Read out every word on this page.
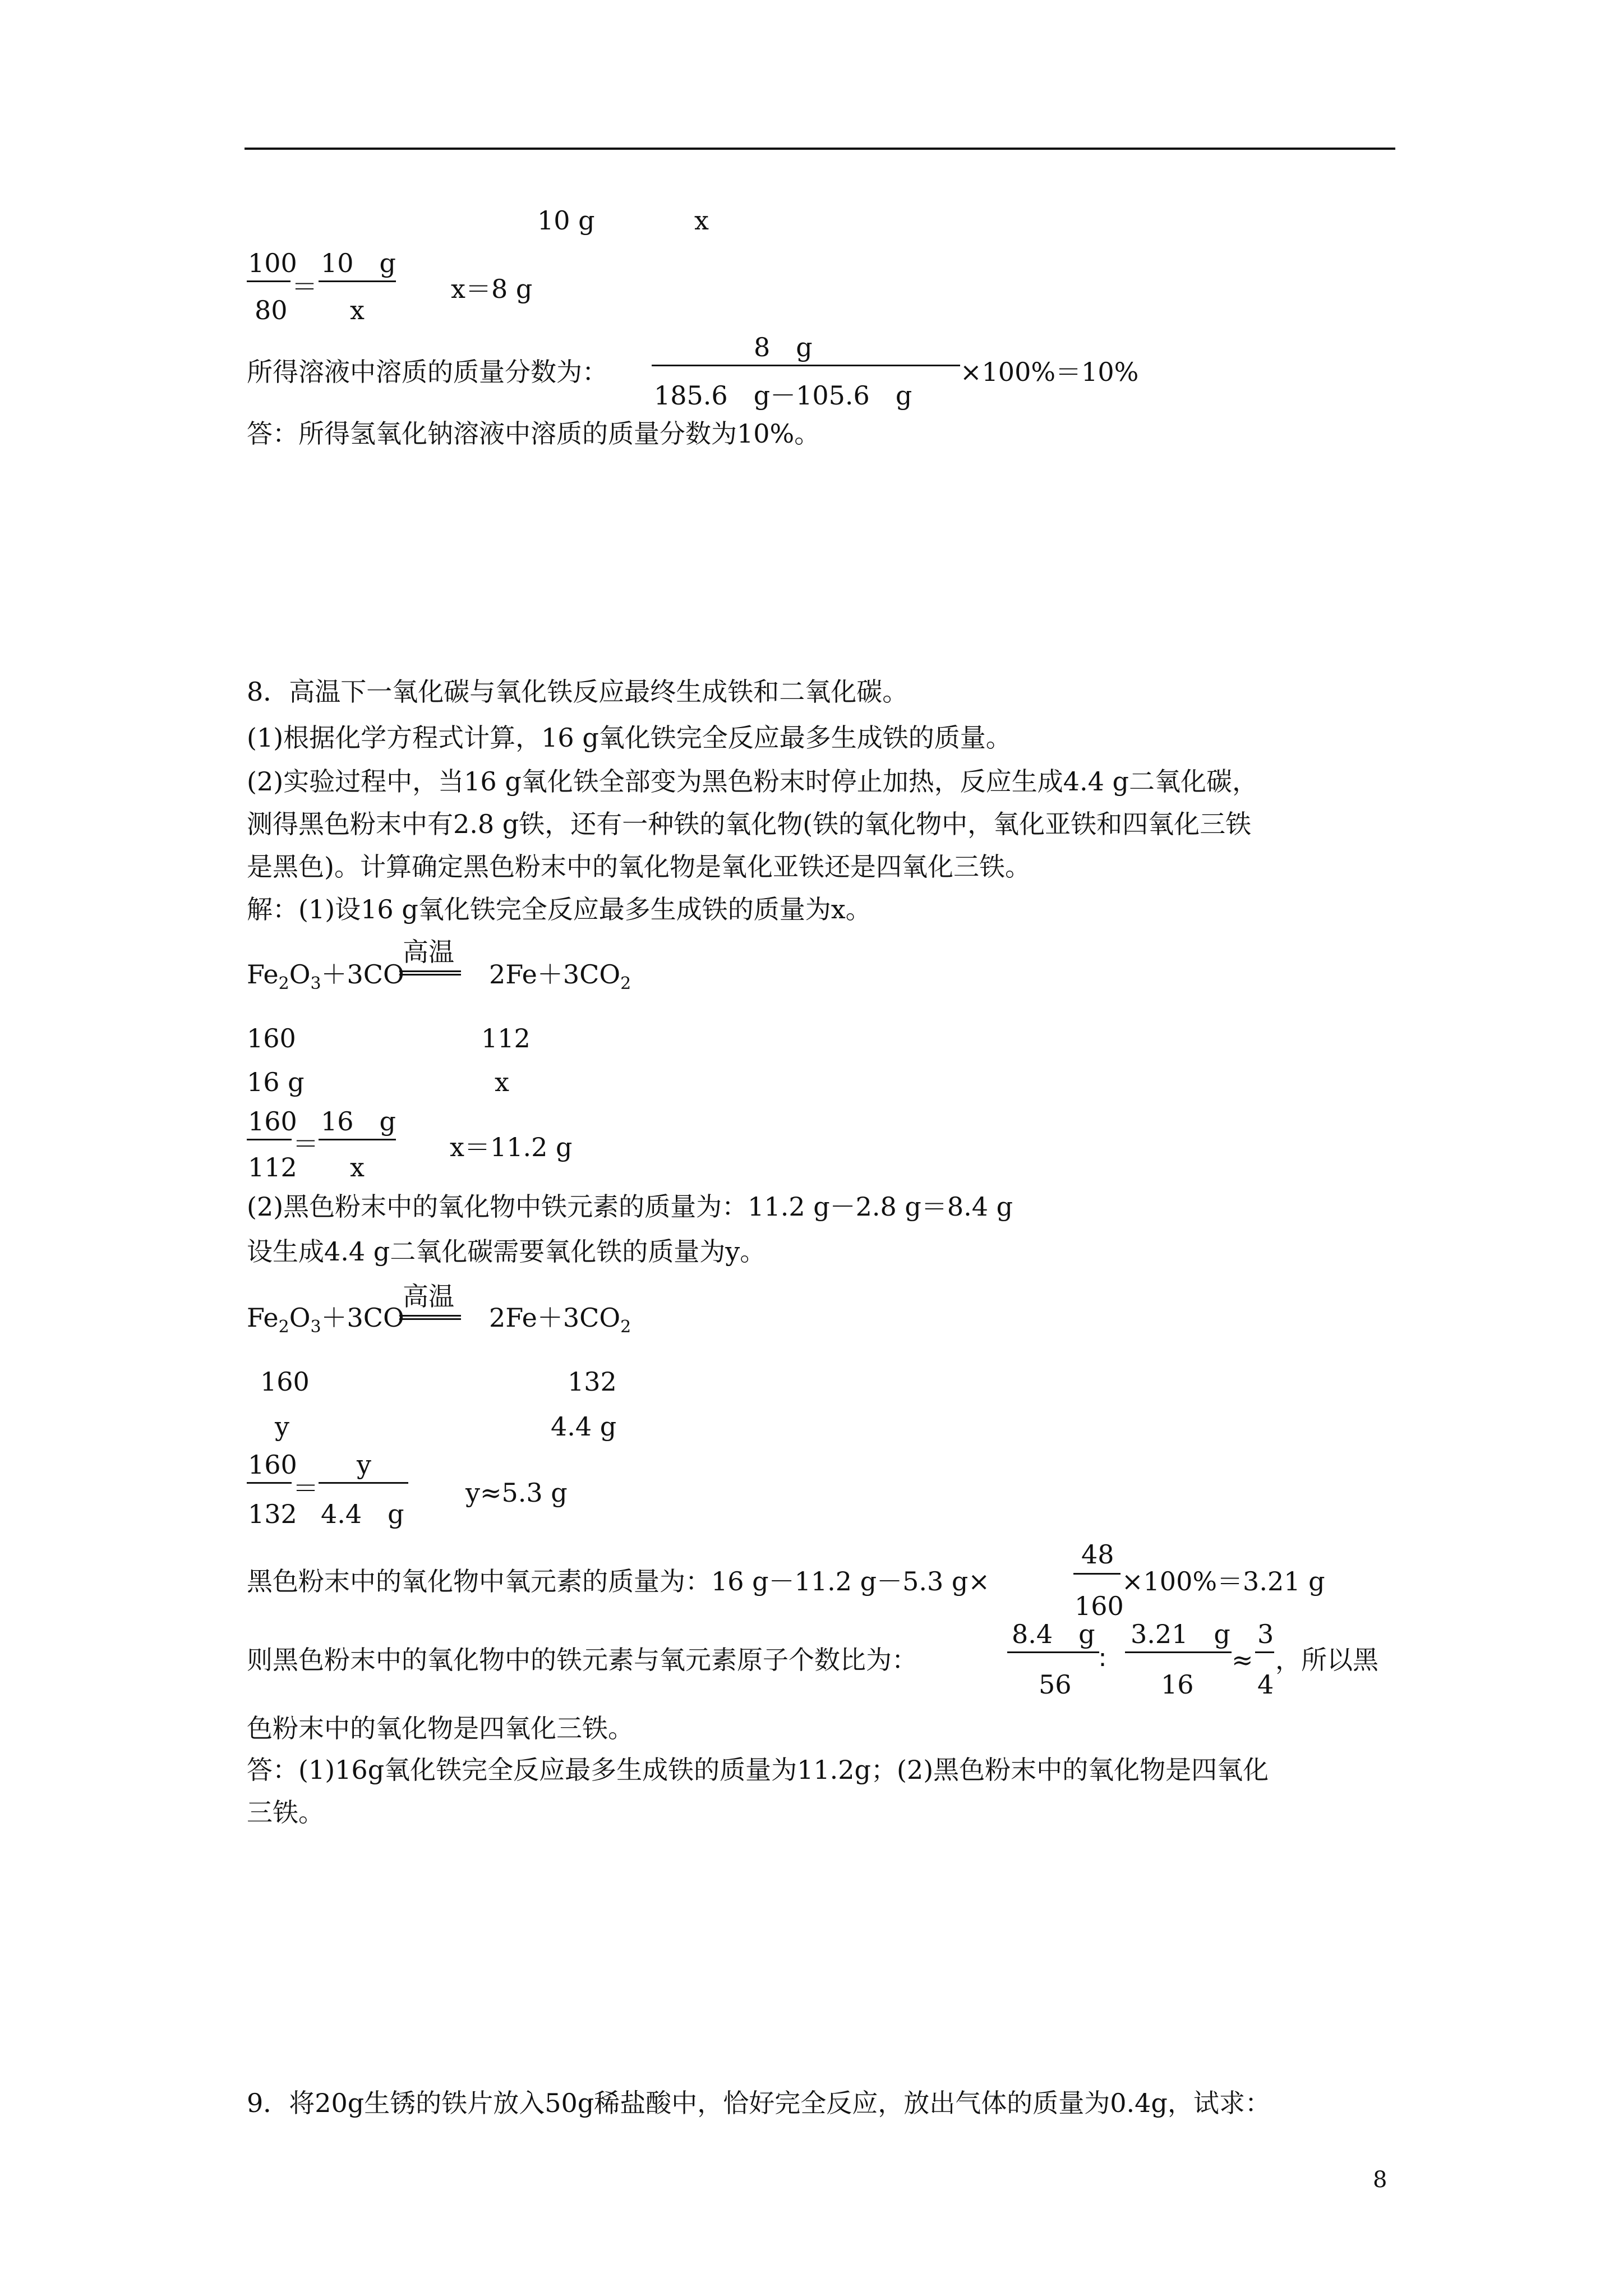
10 g	x
100
80
＝
10　g
x
x＝8 g
所得溶液中溶质的质量分数为：
8　g
185.6　g－105.6　g
×100%＝10%
答：所得氢氧化钠溶液中溶质的质量分数为10%。
8．高温下一氧化碳与氧化铁反应最终生成铁和二氧化碳。
(1)根据化学方程式计算，16 g氧化铁完全反应最多生成铁的质量。
(2)实验过程中，当16 g氧化铁全部变为黑色粉末时停止加热，反应生成4.4 g二氧化碳，
测得黑色粉末中有2.8 g铁，还有一种铁的氧化物(铁的氧化物中，氧化亚铁和四氧化三铁
是黑色)。计算确定黑色粉末中的氧化物是氧化亚铁还是四氧化三铁。
解：(1)设16 g氧化铁完全反应最多生成铁的质量为x。
$Fe_2O_3+3CO$
高温
$2Fe+3CO_2$
160	112
16 g	x
160
112
＝
16　g
x
x＝11.2 g
(2)黑色粉末中的氧化物中铁元素的质量为：11.2 g－2.8 g＝8.4 g
设生成4.4 g二氧化碳需要氧化铁的质量为y。
$Fe_2O_3+3CO$
高温
$2Fe+3CO_2$
160	132
y	4.4 g
160
132
＝
y
4.4　g
y≈5.3 g
黑色粉末中的氧化物中氧元素的质量为：16 g－11.2 g－5.3 g×
48
160
×100%＝3.21 g
则黑色粉末中的氧化物中的铁元素与氧元素原子个数比为：
8.4　g
56
∶
3.21　g
16
≈
3
4
，所以黑
色粉末中的氧化物是四氧化三铁。
答：(1)16g氧化铁完全反应最多生成铁的质量为11.2g；(2)黑色粉末中的氧化物是四氧化
三铁。
9．将20g生锈的铁片放入50g稀盐酸中，恰好完全反应，放出气体的质量为0.4g，试求：
8
